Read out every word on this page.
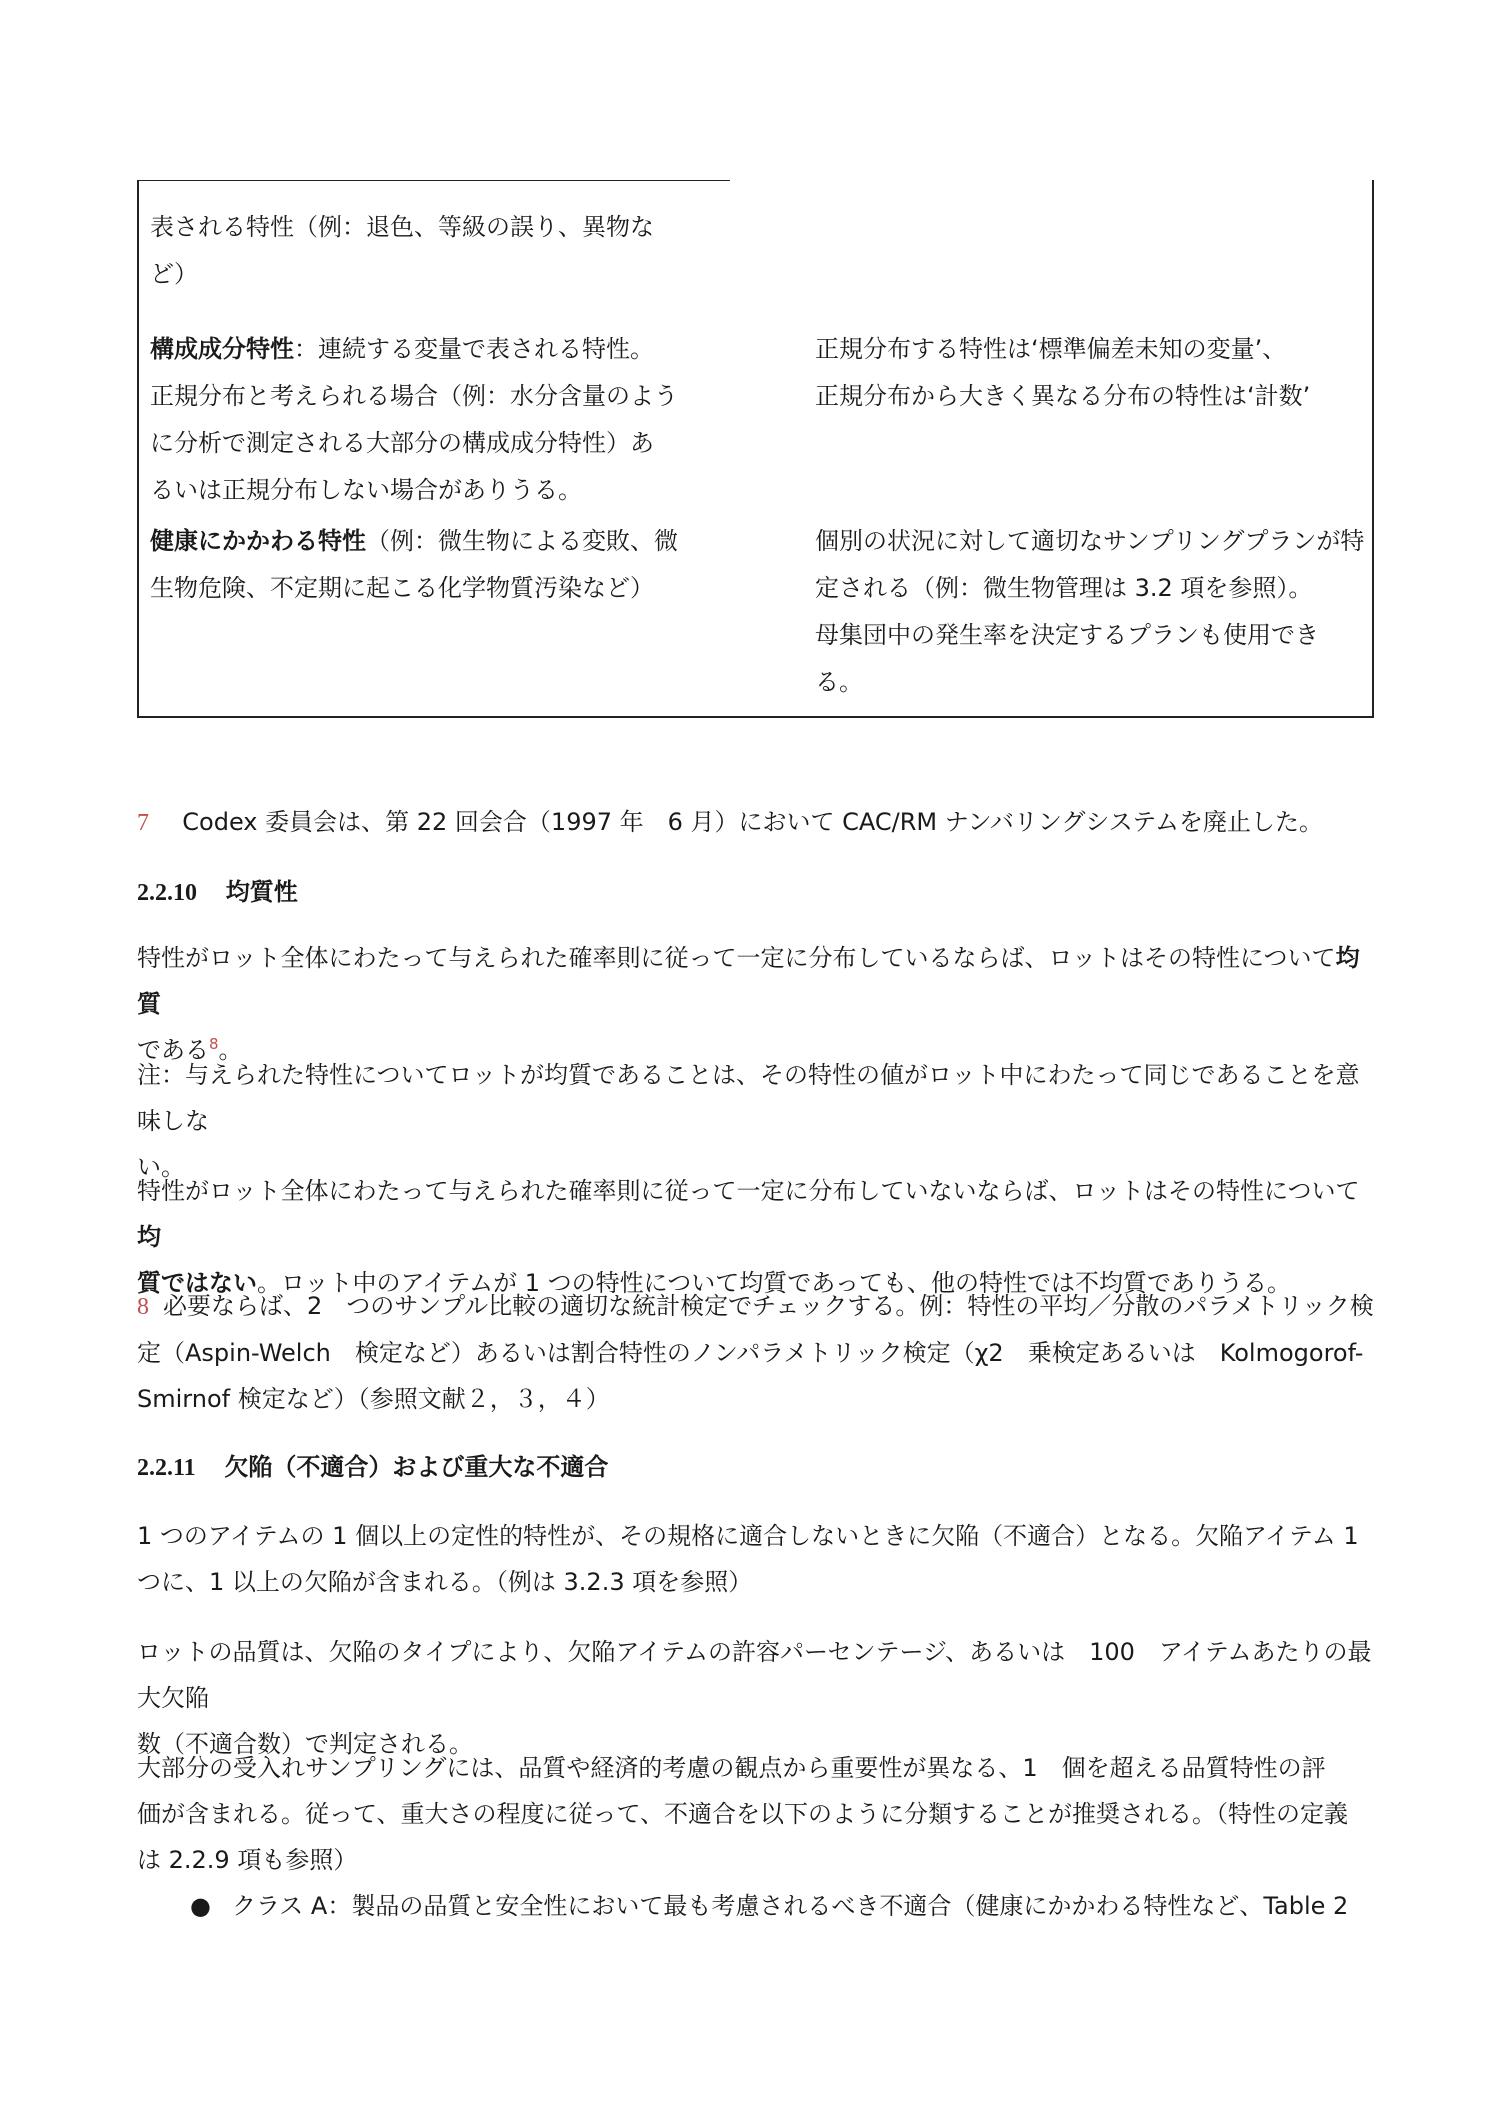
表される特性（例：退色、等級の誤り、異物な
ど）
構成成分特性：連続する変量で表される特性。
正規分布と考えられる場合（例：水分含量のよう
に分析で測定される大部分の構成成分特性）あ
るいは正規分布しない場合がありうる。
正規分布する特性は‘標準偏差未知の変量’、
正規分布から大きく異なる分布の特性は‘計数’
健康にかかわる特性（例：微生物による変敗、微
生物危険、不定期に起こる化学物質汚染など）
個別の状況に対して適切なサンプリングプランが特
定される（例：微生物管理は 3.2 項を参照）。
母集団中の発生率を決定するプランも使用でき
る。
7 Codex 委員会は、第 22 回会合（1997 年　6 月）において CAC/RM ナンバリングシステムを廃止した。
2.2.10 均質性
特性がロット全体にわたって与えられた確率則に従って一定に分布しているならば、ロットはその特性について均質
である$^8$。
注：与えられた特性についてロットが均質であることは、その特性の値がロット中にわたって同じであることを意味しな
い。
特性がロット全体にわたって与えられた確率則に従って一定に分布していないならば、ロットはその特性について均
質ではない。ロット中のアイテムが 1 つの特性について均質であっても、他の特性では不均質でありうる。
8 必要ならば、2　つのサンプル比較の適切な統計検定でチェックする。例：特性の平均／分散のパラメトリック検
定（Aspin-Welch　検定など）あるいは割合特性のノンパラメトリック検定（χ2　乗検定あるいは　Kolmogorof-
Smirnof 検定など）（参照文献２，３，４）
2.2.11 欠陥（不適合）および重大な不適合
1 つのアイテムの 1 個以上の定性的特性が、その規格に適合しないときに欠陥（不適合）となる。欠陥アイテム 1
つに、1 以上の欠陥が含まれる。（例は 3.2.3 項を参照）
ロットの品質は、欠陥のタイプにより、欠陥アイテムの許容パーセンテージ、あるいは　100　アイテムあたりの最大欠陥
数（不適合数）で判定される。
大部分の受入れサンプリングには、品質や経済的考慮の観点から重要性が異なる、1　個を超える品質特性の評
価が含まれる。従って、重大さの程度に従って、不適合を以下のように分類することが推奨される。（特性の定義
は 2.2.9 項も参照）
● クラス A：製品の品質と安全性において最も考慮されるべき不適合（健康にかかわる特性など、Table 2
